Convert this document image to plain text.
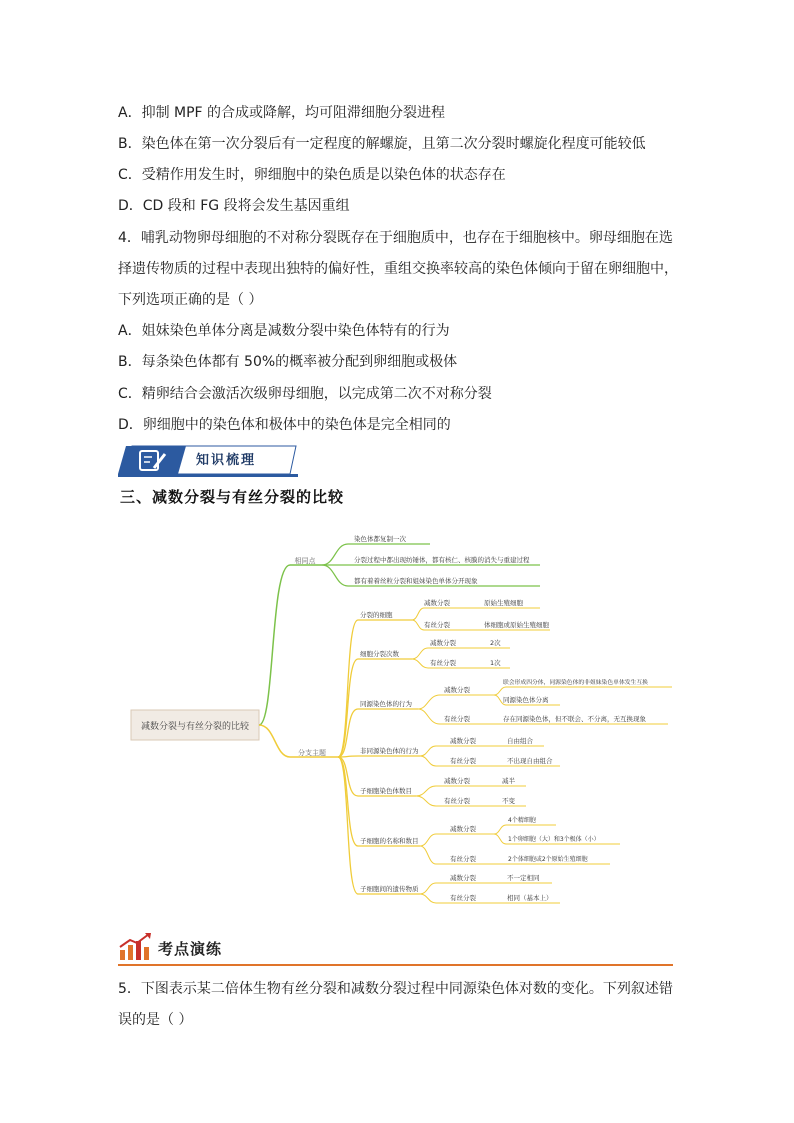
A．抑制 MPF 的合成或降解，均可阻滞细胞分裂进程
B．染色体在第一次分裂后有一定程度的解螺旋，且第二次分裂时螺旋化程度可能较低
C．受精作用发生时，卵细胞中的染色质是以染色体的状态存在
D．CD 段和 FG 段将会发生基因重组
4．哺乳动物卵母细胞的不对称分裂既存在于细胞质中，也存在于细胞核中。卵母细胞在选
择遗传物质的过程中表现出独特的偏好性，重组交换率较高的染色体倾向于留在卵细胞中，
下列选项正确的是（ ）
A．姐妹染色单体分离是减数分裂中染色体特有的行为
B．每条染色体都有 50%的概率被分配到卵细胞或极体
C．精卵结合会激活次级卵母细胞，以完成第二次不对称分裂
D．卵细胞中的染色体和极体中的染色体是完全相同的
知识梳理
三、减数分裂与有丝分裂的比较
减数分裂与有丝分裂的比较
相同点
染色体都复制一次
分裂过程中都出现纺锤体，都有核仁、核膜的消失与重建过程
都有着着丝粒分裂和姐妹染色单体分开现象
分支主题
分裂的细胞
减数分裂	原始生殖细胞
有丝分裂	体细胞或原始生殖细胞
细胞分裂次数
减数分裂	2次
有丝分裂	1次
同源染色体的行为
减数分裂
联会形成四分体，同源染色体的非姐妹染色单体发生互换
同源染色体分离
有丝分裂	存在同源染色体，但不联会、不分离，无互换现象
非同源染色体的行为
减数分裂	自由组合
有丝分裂	不出现自由组合
子细胞染色体数目
减数分裂	减半
有丝分裂	不变
子细胞的名称和数目
减数分裂
4个精细胞
1个卵细胞（大）和3个极体（小）
有丝分裂	2个体细胞或2个原始生殖细胞
子细胞间的遗传物质
减数分裂	不一定相同
有丝分裂	相同（基本上）
考点演练
5．下图表示某二倍体生物有丝分裂和减数分裂过程中同源染色体对数的变化。下列叙述错
误的是（ ）
